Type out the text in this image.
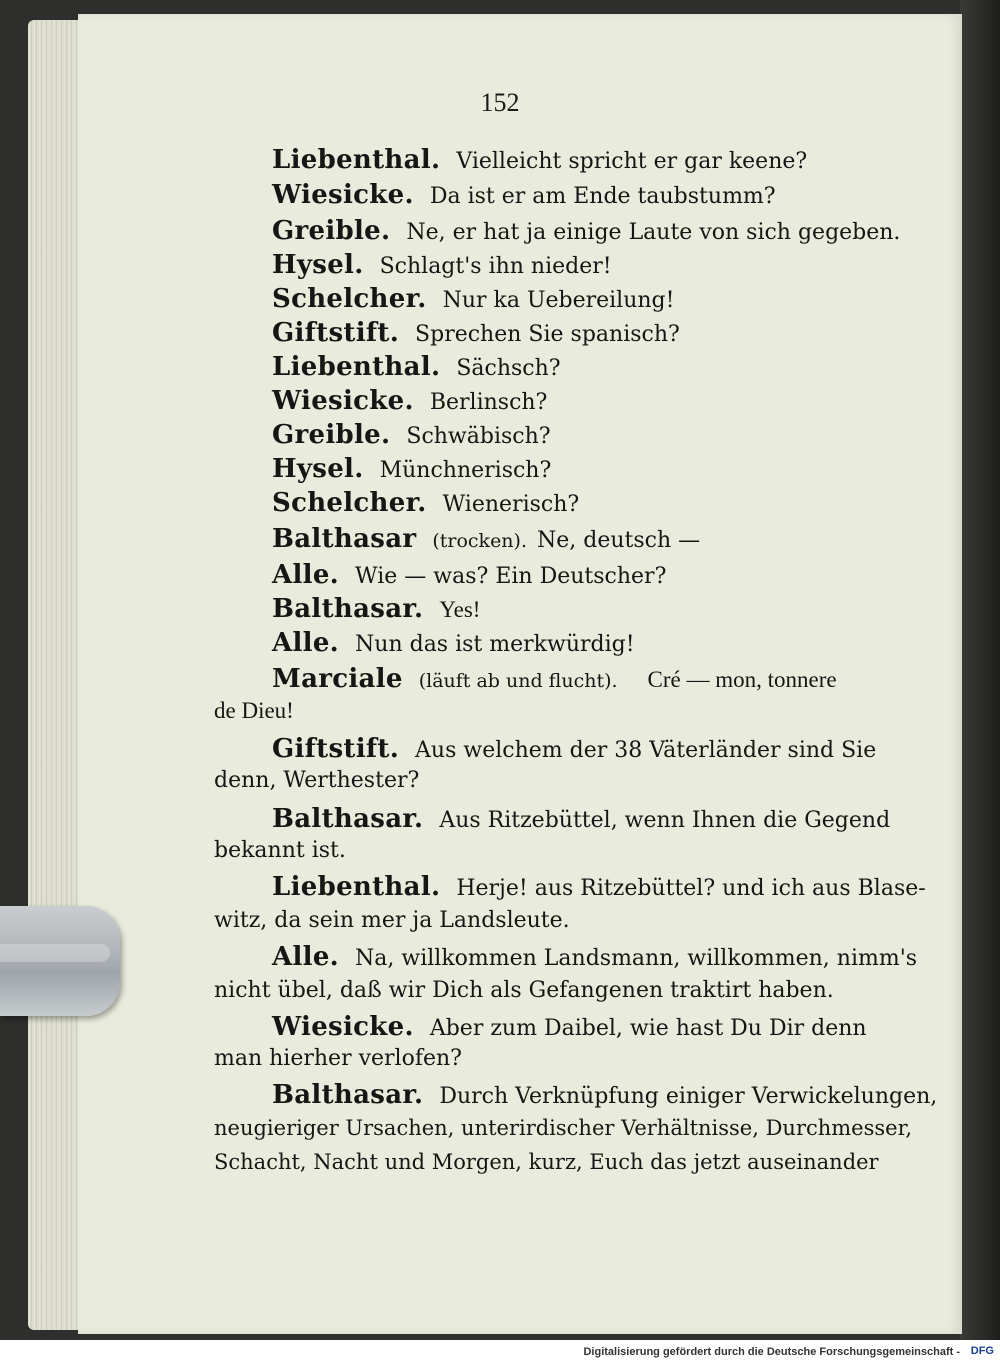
152
Liebenthal. Vielleicht spricht er gar keene?
Wiesicke. Da ist er am Ende taubstumm?
Greible. Ne, er hat ja einige Laute von sich gegeben.
Hysel. Schlagt's ihn nieder!
Schelcher. Nur ka Uebereilung!
Giftstift. Sprechen Sie spanisch?
Liebenthal. Sächsch?
Wiesicke. Berlinsch?
Greible. Schwäbisch?
Hysel. Münchnerisch?
Schelcher. Wienerisch?
Balthasar (trocken). Ne, deutsch —
Alle. Wie — was? Ein Deutscher?
Balthasar. Yes!
Alle. Nun das ist merkwürdig!
Marciale (läuft ab und flucht). Cré — mon, tonnere
de Dieu!
Giftstift. Aus welchem der 38 Väterländer sind Sie
denn, Werthester?
Balthasar. Aus Ritzebüttel, wenn Ihnen die Gegend
bekannt ist.
Liebenthal. Herje! aus Ritzebüttel? und ich aus Blase-
witz, da sein mer ja Landsleute.
Alle. Na, willkommen Landsmann, willkommen, nimm's
nicht übel, daß wir Dich als Gefangenen traktirt haben.
Wiesicke. Aber zum Daibel, wie hast Du Dir denn
man hierher verlofen?
Balthasar. Durch Verknüpfung einiger Verwickelungen,
neugieriger Ursachen, unterirdischer Verhältnisse, Durchmesser,
Schacht, Nacht und Morgen, kurz, Euch das jetzt auseinander
Digitalisierung gefördert durch die Deutsche Forschungsgemeinschaft - DFG
